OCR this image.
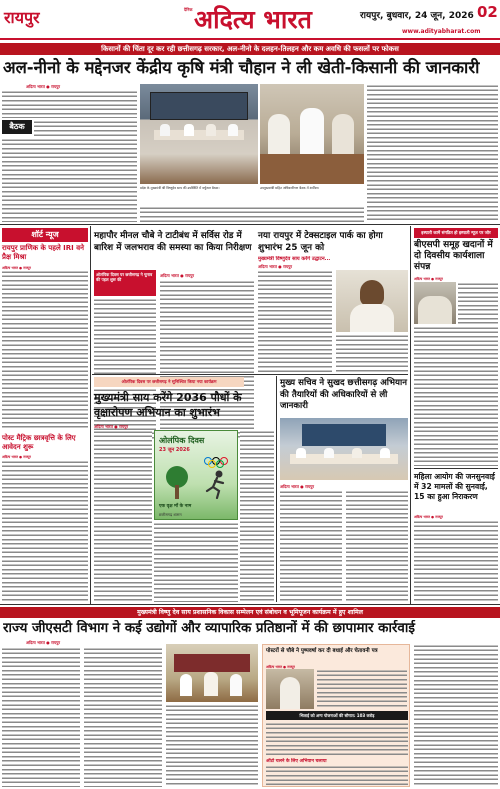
रायपुर
दैनिक अदित्य भारत	रायपुर, बुधवार, 24 जून, 2026 02
www.adityabharat.com
किसानों की चिंता दूर कर रही छत्तीसगढ़ सरकार, अल-नीनो के दलहन-तिलहन और कम अवधि की फसलों पर फोकस
अल-नीनो के मद्देनजर केंद्रीय कृषि मंत्री चौहान ने ली खेती-किसानी की जानकारी
अदित्य भारत ● रायपुर
बैठक
प्रदेश के मुख्यमंत्री श्री विष्णुदेव साय की उपस्थिति में वर्चुअल बैठक।	उपमुख्यमंत्री सहित अधिकारीगण बैठक में शामिल।
शॉर्ट न्यूज
रायपुर प्राणिक के पहले IRI वने प्रैक्ष मिश्रा
अदित्य भारत ● रायपुर
पोस्ट मैट्रिक छात्रवृत्ति के लिए आवेदन शुरू
अदित्य भारत ● रायपुर
महापौर मीनल चौबे ने टाटीबंध में सर्विस रोड में बारिश में जलभराव की समस्या का किया निरीक्षण
ओलंपिक दिवस पर छत्तीसगढ़ ने चुनाव की पहल शुरू की
अदित्य भारत ● रायपुर
नया रायपुर में टेक्सटाइल पार्क का होगा शुभारंभ 25 जून को
मुख्यमंत्री विष्णुदेव साय करेंगे उद्घाटन...
अदित्य भारत ● रायपुर
इस्पाती कामें संगठित हो इस्पाती न्यूज़ पर जोर
बीएसपी समूह खदानों में दो दिवसीय कार्यशाला संपन्न
अदित्य भारत ● रायपुर
महिला आयोग की जनसुनवाई में 32 मामलों की सुनवाई, 15 का हुआ निराकरण
अदित्य भारत ● रायपुर
ओलंपिक दिवस पर छत्तीसगढ़ ने सुनिश्चित किया नया कार्यक्रम
मुख्यमंत्री साय करेंगे 2036 पौधों के वृक्षारोपण अभियान का शुभारंभ
अदित्य भारत ● रायपुर
ओलंपिक दिवस
23 जून 2026
एक वृक्ष माँ के नाम
छत्तीसगढ़ शासन
मुख्य सचिव ने सुखद छत्तीसगढ़ अभियान की तैयारियों की अधिकारियों से ली जानकारी
अदित्य भारत ● रायपुर
मुख्यमंत्री विष्णु देव साय प्रशासनिक विकास सम्मेलन एवं संबोधन व भूमिपूजन कार्यक्रम में हुए शामिल
राज्य जीएसटी विभाग ने कई उद्योगों और व्यापारिक प्रतिष्ठानों में की छापामार कार्रवाई
अदित्य भारत ● रायपुर
पोस्टरों से चौबे ने पुष्पवर्षा कर दी बधाई और चेतावनी पत्र
अदित्य भारत ● रायपुर
भिलाई को अन्य योजनाओं की सौगात: 103 करोड़
ऑटो चलने के लिए अभियान चलाया
